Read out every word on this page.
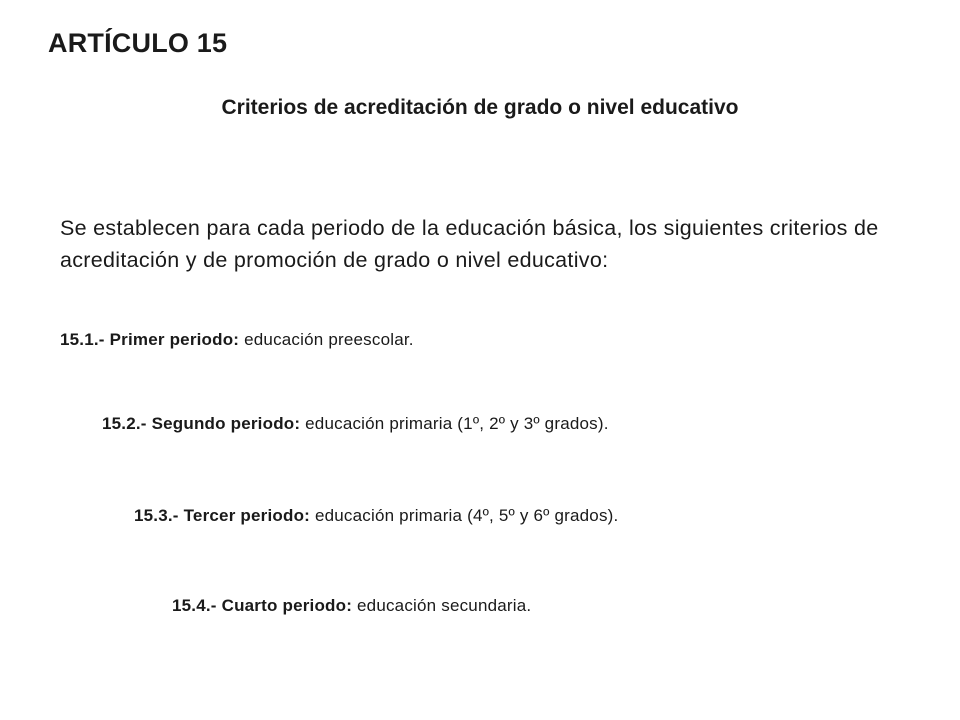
ARTÍCULO 15
Criterios de acreditación de grado o nivel educativo

Se establecen para cada periodo de la educación básica, los siguientes criterios de acreditación y de promoción de grado o nivel educativo:

15.1.- Primer periodo: educación preescolar.

15.2.- Segundo periodo: educación primaria (1º, 2º y 3º grados).

15.3.- Tercer periodo: educación primaria (4º, 5º y 6º grados).

15.4.- Cuarto periodo: educación secundaria.
